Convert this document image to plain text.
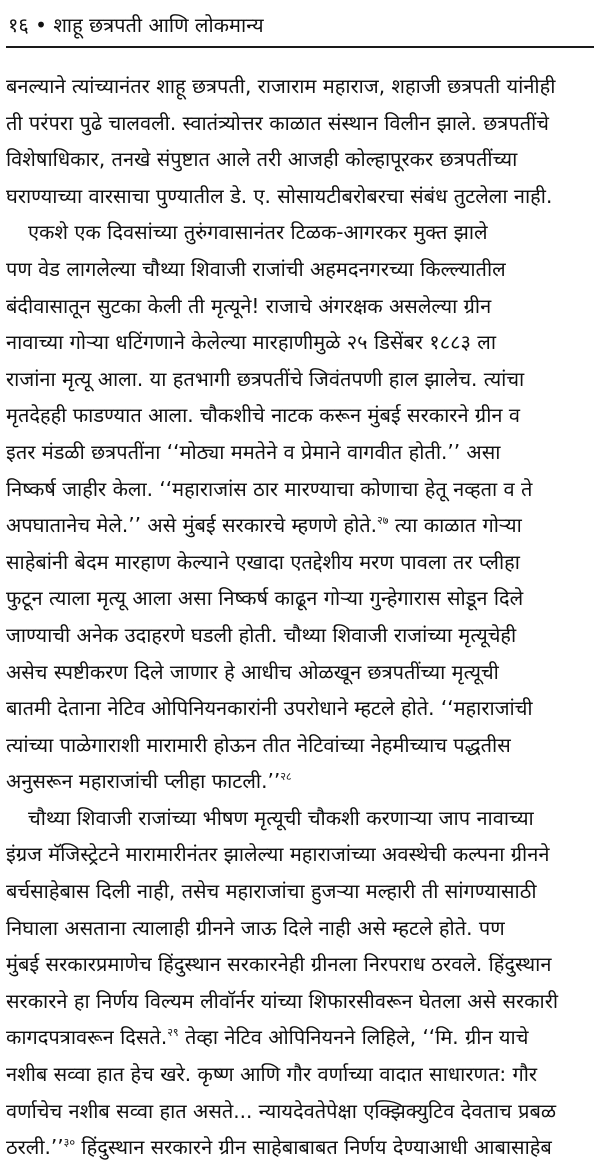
१६ • शाहू छत्रपती आणि लोकमान्य
बनल्याने त्यांच्यानंतर शाहू छत्रपती, राजाराम महाराज, शहाजी छत्रपती यांनीही
ती परंपरा पुढे चालवली. स्वातंत्र्योत्तर काळात संस्थान विलीन झाले. छत्रपतींचे
विशेषाधिकार, तनखे संपुष्टात आले तरी आजही कोल्हापूरकर छत्रपतींच्या
घराण्याच्या वारसाचा पुण्यातील डे. ए. सोसायटीबरोबरचा संबंध तुटलेला नाही.
एकशे एक दिवसांच्या तुरुंगवासानंतर टिळक-आगरकर मुक्त झाले
पण वेड लागलेल्या चौथ्या शिवाजी राजांची अहमदनगरच्या किल्ल्यातील
बंदीवासातून सुटका केली ती मृत्यूने! राजाचे अंगरक्षक असलेल्या ग्रीन
नावाच्या गोऱ्या धटिंगणाने केलेल्या मारहाणीमुळे २५ डिसेंबर १८८३ ला
राजांना मृत्यू आला. या हतभागी छत्रपतींचे जिवंतपणी हाल झालेच. त्यांचा
मृतदेहही फाडण्यात आला. चौकशीचे नाटक करून मुंबई सरकारने ग्रीन व
इतर मंडळी छत्रपतींना ‘‘मोठ्या ममतेने व प्रेमाने वागवीत होती.’’ असा
निष्कर्ष जाहीर केला. ‘‘महाराजांस ठार मारण्याचा कोणाचा हेतू नव्हता व ते
अपघातानेच मेले.’’ असे मुंबई सरकारचे म्हणणे होते.$^{२७}$ त्या काळात गोऱ्या
साहेबांनी बेदम मारहाण केल्याने एखादा एतद्देशीय मरण पावला तर प्लीहा
फुटून त्याला मृत्यू आला असा निष्कर्ष काढून गोऱ्या गुन्हेगारास सोडून दिले
जाण्याची अनेक उदाहरणे घडली होती. चौथ्या शिवाजी राजांच्या मृत्यूचेही
असेच स्पष्टीकरण दिले जाणार हे आधीच ओळखून छत्रपतींच्या मृत्यूची
बातमी देताना नेटिव ओपिनियनकारांनी उपरोधाने म्हटले होते. ‘‘महाराजांची
त्यांच्या पाळेगाराशी मारामारी होऊन तीत नेटिवांच्या नेहमीच्याच पद्धतीस
अनुसरून महाराजांची प्लीहा फाटली.’’$^{२८}$
चौथ्या शिवाजी राजांच्या भीषण मृत्यूची चौकशी करणाऱ्या जाप नावाच्या
इंग्रज मॅजिस्ट्रेटने मारामारीनंतर झालेल्या महाराजांच्या अवस्थेची कल्पना ग्रीनने
बर्चसाहेबास दिली नाही, तसेच महाराजांचा हुजऱ्या मल्हारी ती सांगण्यासाठी
निघाला असताना त्यालाही ग्रीनने जाऊ दिले नाही असे म्हटले होते. पण
मुंबई सरकारप्रमाणेच हिंदुस्थान सरकारनेही ग्रीनला निरपराध ठरवले. हिंदुस्थान
सरकारने हा निर्णय विल्यम लीवॉर्नर यांच्या शिफारसीवरून घेतला असे सरकारी
कागदपत्रावरून दिसते.$^{२९}$ तेव्हा नेटिव ओपिनियनने लिहिले, ‘‘मि. ग्रीन याचे
नशीब सव्वा हात हेच खरे. कृष्ण आणि गौर वर्णाच्या वादात साधारणत: गौर
वर्णाचेच नशीब सव्वा हात असते... न्यायदेवतेपेक्षा एक्झिक्युटिव देवताच प्रबळ
ठरली.’’$^{३०}$ हिंदुस्थान सरकारने ग्रीन साहेबाबाबत निर्णय देण्याआधी आबासाहेब
